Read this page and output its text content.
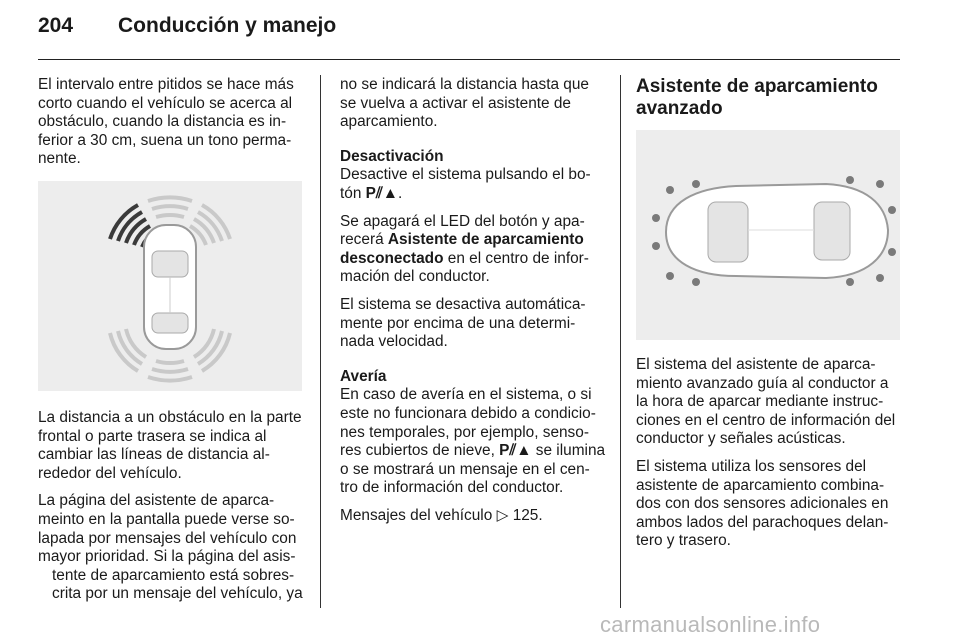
204 Conducción y manejo

El intervalo entre pitidos se hace más corto cuando el vehículo se acerca al obstáculo, cuando la distancia es in-ferior a 30 cm, suena un tono perma-nente.

La distancia a un obstáculo en la parte frontal o parte trasera se indica al cambiar las líneas de distancia al-rededor del vehículo.

La página del asistente de aparca-meinto en la pantalla puede verse so-lapada por mensajes del vehículo con mayor prioridad. Si la página del asis-

tente de aparcamiento está sobres-

crita por un mensaje del vehículo, ya

no se indicará la distancia hasta que se vuelva a activar el asistente de aparcamiento.

Desactivación

Desactive el sistema pulsando el bo-tón P⫽▲.

Se apagará el LED del botón y apa-recerá Asistente de aparcamiento desconectado en el centro de infor-mación del conductor.

El sistema se desactiva automática-mente por encima de una determi-nada velocidad.

Avería

En caso de avería en el sistema, o si este no funcionara debido a condicio-nes temporales, por ejemplo, senso-res cubiertos de nieve, P⫽▲ se ilumina o se mostrará un mensaje en el cen-tro de información del conductor.

Mensajes del vehículo ▷ 125.

Asistente de aparcamiento avanzado

El sistema del asistente de aparca-miento avanzado guía al conductor a la hora de aparcar mediante instruc-ciones en el centro de información del conductor y señales acústicas.

El sistema utiliza los sensores del asistente de aparcamiento combina-dos con dos sensores adicionales en ambos lados del parachoques delan-tero y trasero.

carmanualsonline.info
